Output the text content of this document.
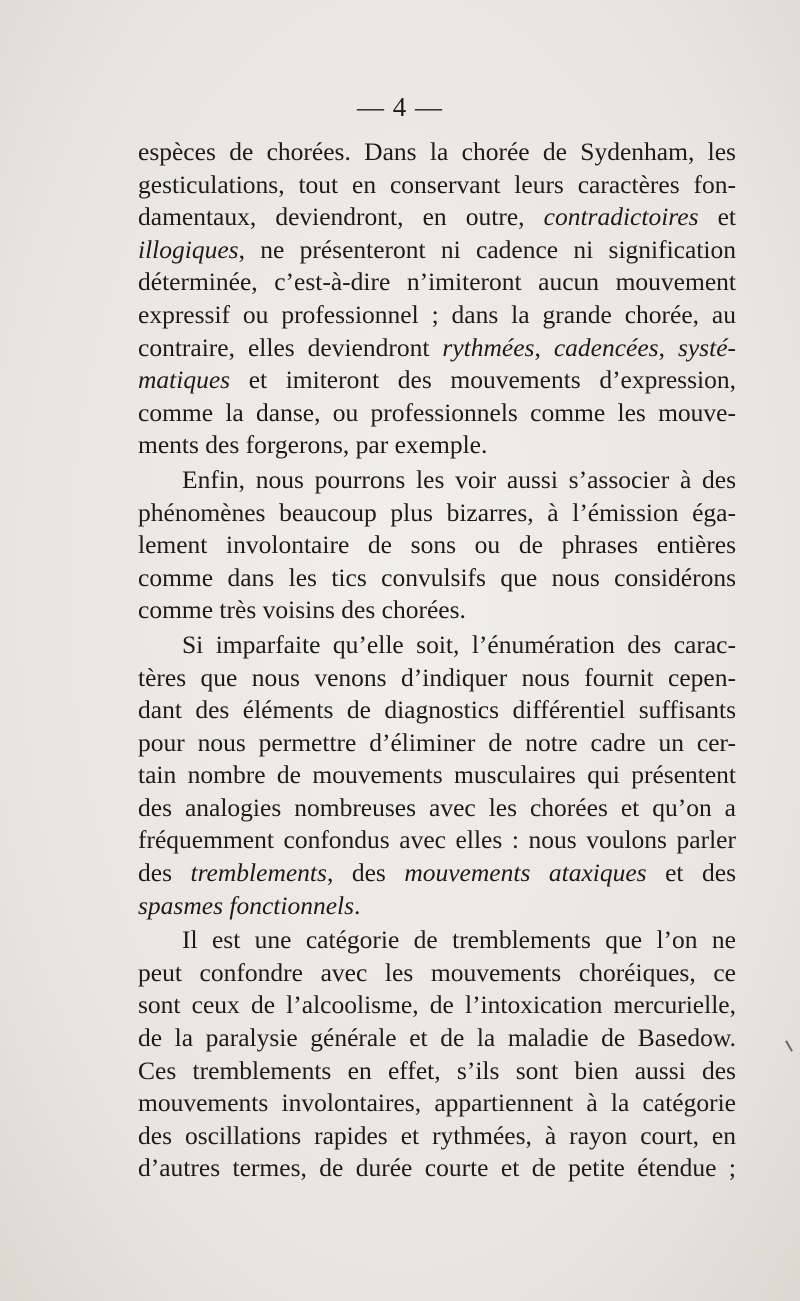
— 4 —
espèces de chorées. Dans la chorée de Sydenham, les
gesticulations, tout en conservant leurs caractères fon-
damentaux, deviendront, en outre, contradictoires et
illogiques, ne présenteront ni cadence ni signification
déterminée, c’est-à-dire n’imiteront aucun mouvement
expressif ou professionnel ; dans la grande chorée, au
contraire, elles deviendront rythmées, cadencées, systé-
matiques et imiteront des mouvements d’expression,
comme la danse, ou professionnels comme les mouve-
ments des forgerons, par exemple.
Enfin, nous pourrons les voir aussi s’associer à des
phénomènes beaucoup plus bizarres, à l’émission éga-
lement involontaire de sons ou de phrases entières
comme dans les tics convulsifs que nous considérons
comme très voisins des chorées.
Si imparfaite qu’elle soit, l’énumération des carac-
tères que nous venons d’indiquer nous fournit cepen-
dant des éléments de diagnostics différentiel suffisants
pour nous permettre d’éliminer de notre cadre un cer-
tain nombre de mouvements musculaires qui présentent
des analogies nombreuses avec les chorées et qu’on a
fréquemment confondus avec elles : nous voulons parler
des tremblements, des mouvements ataxiques et des
spasmes fonctionnels.
Il est une catégorie de tremblements que l’on ne
peut confondre avec les mouvements choréiques, ce
sont ceux de l’alcoolisme, de l’intoxication mercurielle,
de la paralysie générale et de la maladie de Basedow.
Ces tremblements en effet, s’ils sont bien aussi des
mouvements involontaires, appartiennent à la catégorie
des oscillations rapides et rythmées, à rayon court, en
d’autres termes, de durée courte et de petite étendue ;
